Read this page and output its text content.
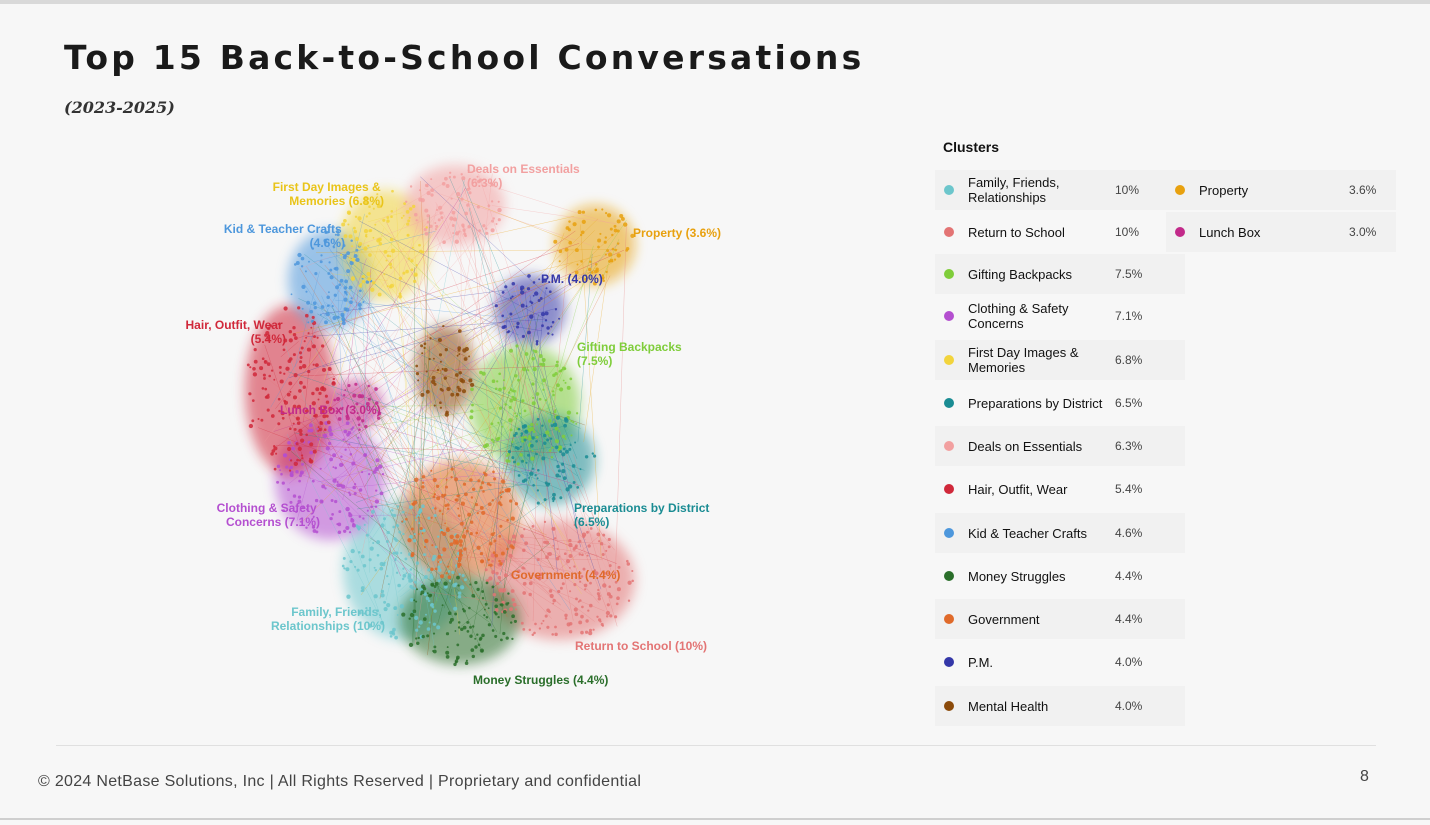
Top 15 Back-to-School Conversations
(2023-2025)
Deals on Essentials (6.3%)
First Day Images & Memories (6.8%)
Kid & Teacher Crafts (4.6%)
Property (3.6%)
P.M. (4.0%)
Hair, Outfit, Wear (5.4%)
Gifting Backpacks (7.5%)
Lunch Box (3.0%)
Clothing & Safety Concerns (7.1%)
Preparations by District (6.5%)
Government (4.4%)
Family, Friends, Relationships (10%)
Return to School (10%)
Money Struggles (4.4%)
Clusters
Family, Friends, Relationships	10%
Return to School	10%
Gifting Backpacks	7.5%
Clothing & Safety Concerns	7.1%
First Day Images & Memories	6.8%
Preparations by District 6.5%
Deals on Essentials	6.3%
Hair, Outfit, Wear	5.4%
Kid & Teacher Crafts	4.6%
Money Struggles	4.4%
Government	4.4%
P.M.	4.0%
Mental Health	4.0%
Property	3.6%
Lunch Box	3.0%
© 2024 NetBase Solutions, Inc | All Rights Reserved | Proprietary and confidential	8
